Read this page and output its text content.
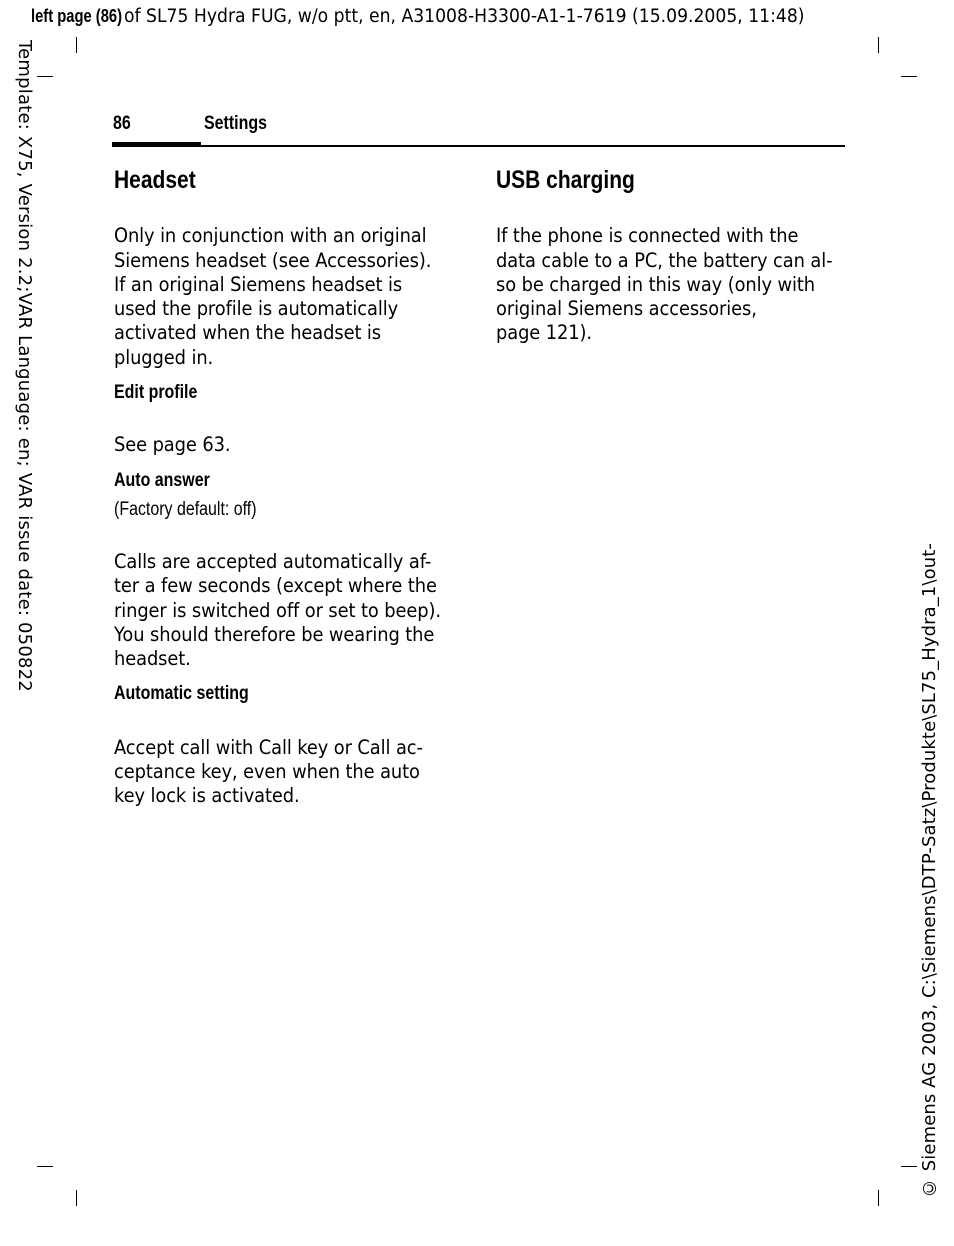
left page (86)of SL75 Hydra FUG, w/o ptt, en, A31008-H3300-A1-1-7619 (15.09.2005, 11:48)
Template: X75, Version 2.2;VAR Language: en; VAR issue date: 050822
© Siemens AG 2003, C:\Siemens\DTP-Satz\Produkte\SL75_Hydra_1\out-
86	Settings
Headset

Only in conjunction with an original
Siemens headset (see Accessories).
If an original Siemens headset is
used the profile is automatically
activated when the headset is
plugged in.

Edit profile

See page 63.

Auto answer
(Factory default: off)

Calls are accepted automatically af-
ter a few seconds (except where the
ringer is switched off or set to beep).
You should therefore be wearing the
headset.

Automatic setting

Accept call with Call key or Call ac-
ceptance key, even when the auto
key lock is activated.

USB charging

If the phone is connected with the
data cable to a PC, the battery can al-
so be charged in this way (only with
original Siemens accessories,
page 121).
